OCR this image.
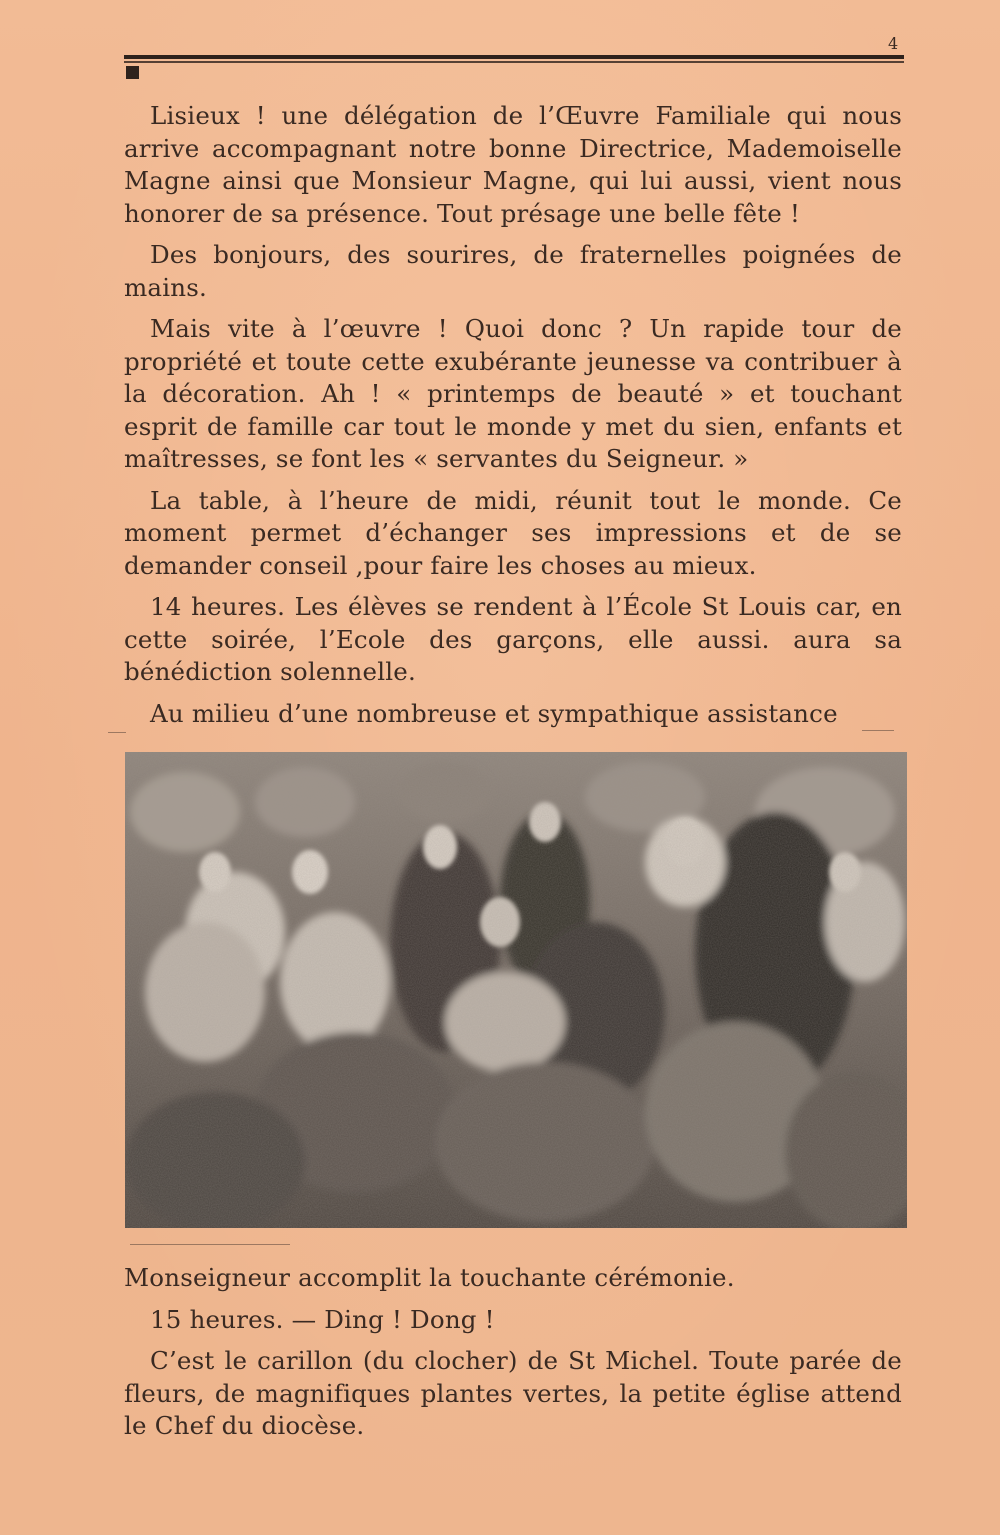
4

Lisieux ! une délégation de l’Œuvre Familiale qui nous arrive accompagnant notre bonne Directrice, Mademoiselle Magne ainsi que Monsieur Magne, qui lui aussi, vient nous honorer de sa présence. Tout présage une belle fête !

Des bonjours, des sourires, de fraternelles poignées de mains.

Mais vite à l’œuvre ! Quoi donc ? Un rapide tour de propriété et toute cette exubérante jeunesse va contribuer à la décoration. Ah ! « printemps de beauté » et touchant esprit de famille car tout le monde y met du sien, enfants et maîtresses, se font les « servantes du Seigneur. »

La table, à l’heure de midi, réunit tout le monde. Ce moment permet d’échanger ses impressions et de se demander conseil ,pour faire les choses au mieux.

14 heures. Les élèves se rendent à l’École St Louis car, en cette soirée, l’Ecole des garçons, elle aussi. aura sa bénédiction solennelle.

Au milieu d’une nombreuse et sympathique assistance

Monseigneur accomplit la touchante cérémonie.

15 heures. — Ding ! Dong !

C’est le carillon (du clocher) de St Michel. Toute parée de fleurs, de magnifiques plantes vertes, la petite église attend le Chef du diocèse.
